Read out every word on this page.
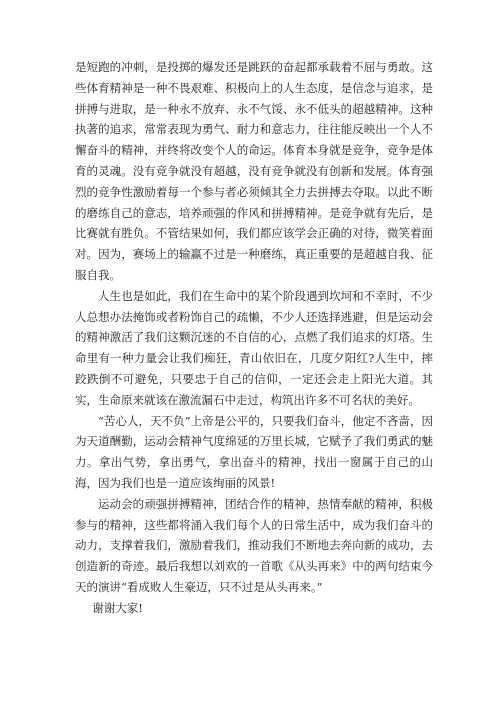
是短跑的冲刺，是投掷的爆发还是跳跃的奋起都承载着不屈与勇敢。这些体育精神是一种不畏艰难、积极向上的人生态度，是信念与追求，是拼搏与进取，是一种永不放弃、永不气馁、永不低头的超越精神。这种执著的追求，常常表现为勇气、耐力和意志力，往往能反映出一个人不懈奋斗的精神，并终将改变个人的命运。体育本身就是竞争，竞争是体育的灵魂。没有竞争就没有超越，没有竞争就没有创新和发展。体育强烈的竞争性激励着每一个参与者必须倾其全力去拼搏去夺取。以此不断的磨练自己的意志，培养顽强的作风和拼搏精神。是竞争就有先后，是比赛就有胜负。不管结果如何，我们都应该学会正确的对待，微笑着面对。因为，赛场上的输赢不过是一种磨练，真正重要的是超越自我、征服自我。

人生也是如此，我们在生命中的某个阶段遇到坎坷和不幸时，不少人总想办法掩饰或者粉饰自己的疏懒，不少人还选择逃避，但是运动会的精神激活了我们这颗沉迷的不自信的心，点燃了我们追求的灯塔。生命里有一种力量会让我们痴狂，青山依旧在，几度夕阳红?人生中，摔跤跌倒不可避免，只要忠于自己的信仰，一定还会走上阳光大道。其实，生命原来就该在激流漏石中走过，构筑出许多不可名状的美好。

“苦心人，天不负”上帝是公平的，只要我们奋斗，他定不吝啬，因为天道酬勤，运动会精神气度绵延的万里长城，它赋予了我们勇武的魅力。拿出气势，拿出勇气，拿出奋斗的精神，找出一窗属于自己的山海，因为我们也是一道应该绚丽的风景!

运动会的顽强拼搏精神，团结合作的精神，热情奉献的精神，积极参与的精神，这些都将涌入我们每个人的日常生活中，成为我们奋斗的动力，支撑着我们，激励着我们，推动我们不断地去奔向新的成功，去创造新的奇迹。最后我想以刘欢的一首歌《从头再来》中的两句结束今天的演讲“看成败人生豪迈，只不过是从头再来。”

谢谢大家!
